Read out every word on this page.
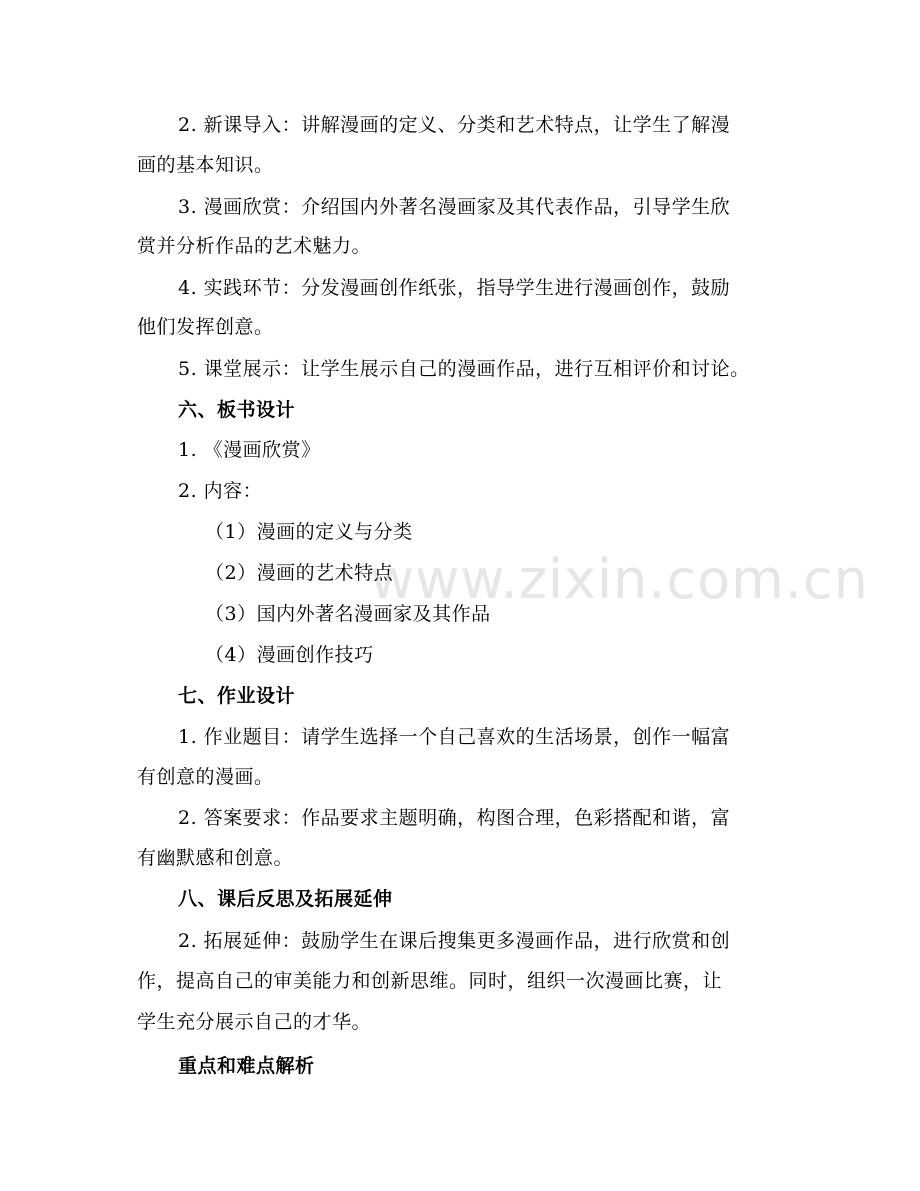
www.zixin.com.cn
2. 新课导入：讲解漫画的定义、分类和艺术特点，让学生了解漫
画的基本知识。
3. 漫画欣赏：介绍国内外著名漫画家及其代表作品，引导学生欣
赏并分析作品的艺术魅力。
4. 实践环节：分发漫画创作纸张，指导学生进行漫画创作，鼓励
他们发挥创意。
5. 课堂展示：让学生展示自己的漫画作品，进行互相评价和讨论。
六、板书设计
1. 《漫画欣赏》
2. 内容：
（1）漫画的定义与分类
（2）漫画的艺术特点
（3）国内外著名漫画家及其作品
（4）漫画创作技巧
七、作业设计
1. 作业题目：请学生选择一个自己喜欢的生活场景，创作一幅富
有创意的漫画。
2. 答案要求：作品要求主题明确，构图合理，色彩搭配和谐，富
有幽默感和创意。
八、课后反思及拓展延伸
2. 拓展延伸：鼓励学生在课后搜集更多漫画作品，进行欣赏和创
作，提高自己的审美能力和创新思维。同时，组织一次漫画比赛，让
学生充分展示自己的才华。
重点和难点解析
